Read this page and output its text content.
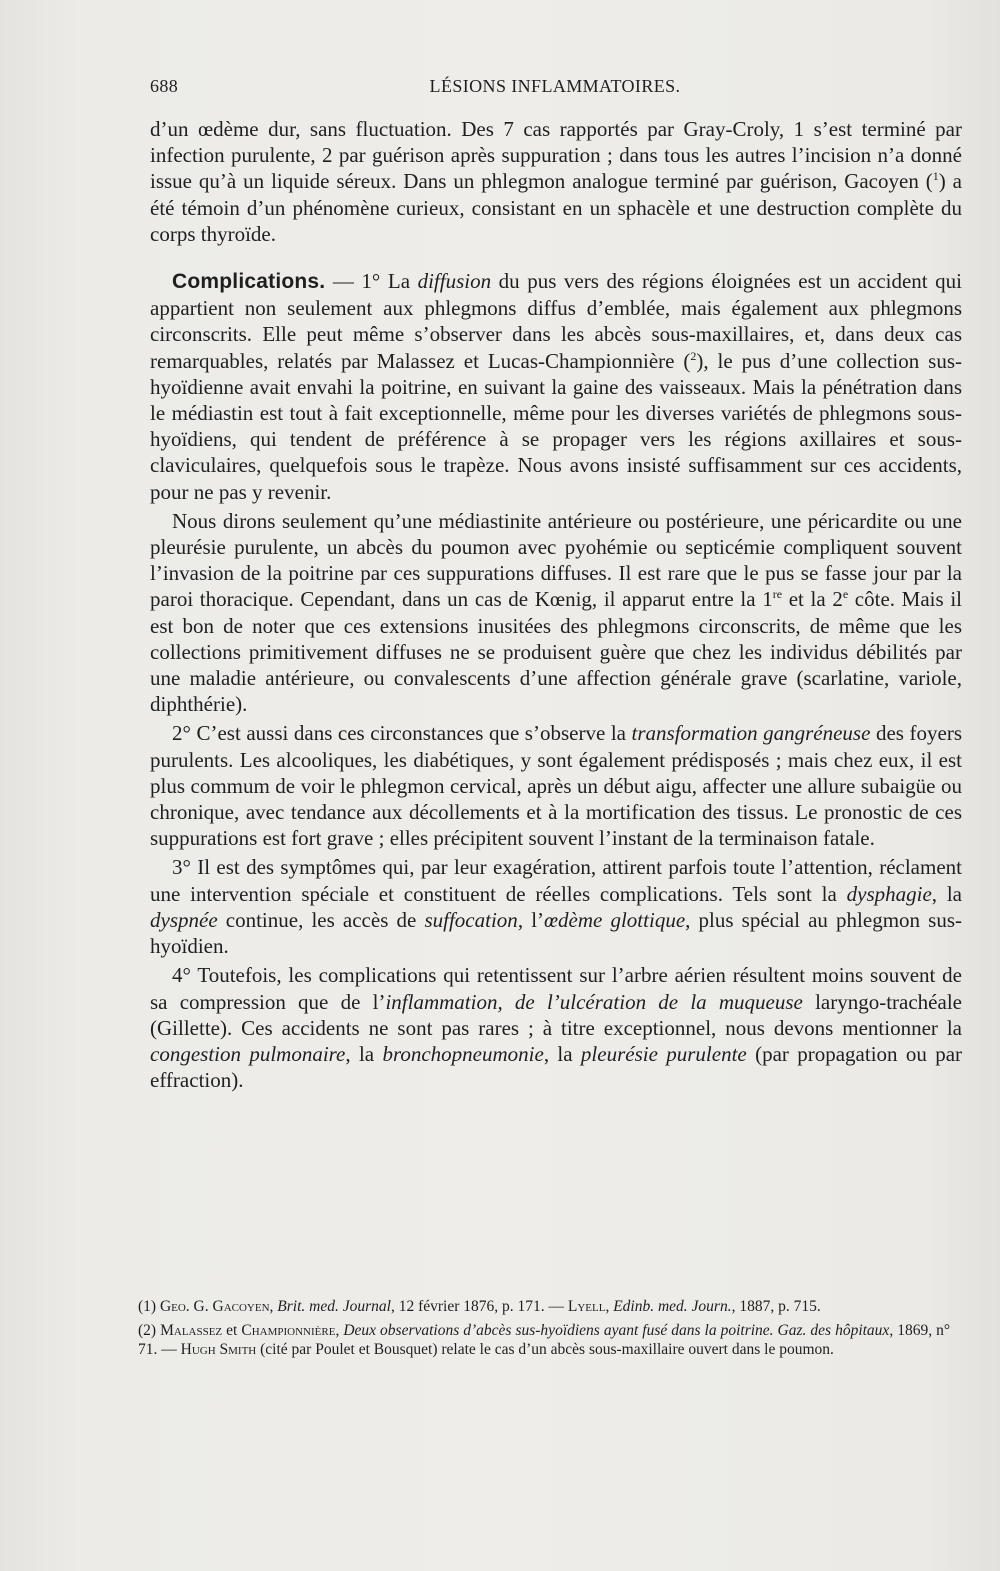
688	LÉSIONS INFLAMMATOIRES.

d’un œdème dur, sans fluctuation. Des 7 cas rapportés par Gray-Croly, 1 s’est terminé par infection purulente, 2 par guérison après suppuration ; dans tous les autres l’incision n’a donné issue qu’à un liquide séreux. Dans un phlegmon analogue terminé par guérison, Gacoyen ($^1$) a été témoin d’un phénomène curieux, consistant en un sphacèle et une destruction complète du corps thyroïde.

Complications. — 1° La diffusion du pus vers des régions éloignées est un accident qui appartient non seulement aux phlegmons diffus d’emblée, mais également aux phlegmons circonscrits. Elle peut même s’observer dans les abcès sous-maxillaires, et, dans deux cas remarquables, relatés par Malassez et Lucas-Championnière ($^2$), le pus d’une collection sus-hyoïdienne avait envahi la poitrine, en suivant la gaine des vaisseaux. Mais la pénétration dans le médiastin est tout à fait exceptionnelle, même pour les diverses variétés de phlegmons sous-hyoïdiens, qui tendent de préférence à se propager vers les régions axillaires et sous-claviculaires, quelquefois sous le trapèze. Nous avons insisté suffisamment sur ces accidents, pour ne pas y revenir.

Nous dirons seulement qu’une médiastinite antérieure ou postérieure, une péricardite ou une pleurésie purulente, un abcès du poumon avec pyohémie ou septicémie compliquent souvent l’invasion de la poitrine par ces suppurations diffuses. Il est rare que le pus se fasse jour par la paroi thoracique. Cependant, dans un cas de Kœnig, il apparut entre la 1re et la 2e côte. Mais il est bon de noter que ces extensions inusitées des phlegmons circonscrits, de même que les collections primitivement diffuses ne se produisent guère que chez les individus débilités par une maladie antérieure, ou convalescents d’une affection générale grave (scarlatine, variole, diphthérie).

2° C’est aussi dans ces circonstances que s’observe la transformation gangréneuse des foyers purulents. Les alcooliques, les diabétiques, y sont également prédisposés ; mais chez eux, il est plus commum de voir le phlegmon cervical, après un début aigu, affecter une allure subaigüe ou chronique, avec tendance aux décollements et à la mortification des tissus. Le pronostic de ces suppurations est fort grave ; elles précipitent souvent l’instant de la terminaison fatale.

3° Il est des symptômes qui, par leur exagération, attirent parfois toute l’attention, réclament une intervention spéciale et constituent de réelles complications. Tels sont la dysphagie, la dyspnée continue, les accès de suffocation, l’œdème glottique, plus spécial au phlegmon sus-hyoïdien.

4° Toutefois, les complications qui retentissent sur l’arbre aérien résultent moins souvent de sa compression que de l’inflammation, de l’ulcération de la muqueuse laryngo-trachéale (Gillette). Ces accidents ne sont pas rares ; à titre exceptionnel, nous devons mentionner la congestion pulmonaire, la bronchopneumonie, la pleurésie purulente (par propagation ou par effraction).

(1) Geo. G. Gacoyen, Brit. med. Journal, 12 février 1876, p. 171. — Lyell, Edinb. med. Journ., 1887, p. 715.

(2) Malassez et Championnière, Deux observations d’abcès sus-hyoïdiens ayant fusé dans la poitrine. Gaz. des hôpitaux, 1869, n° 71. — Hugh Smith (cité par Poulet et Bousquet) relate le cas d’un abcès sous-maxillaire ouvert dans le poumon.
